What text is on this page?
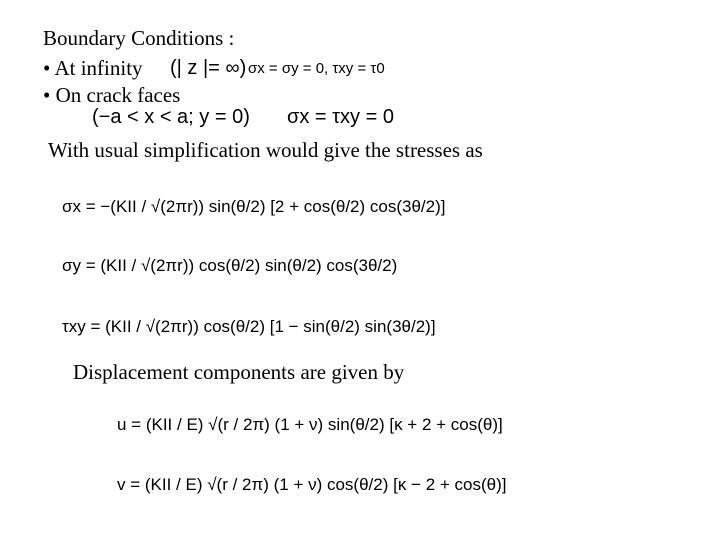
Boundary Conditions :
• At infinity (| z |= ∞) σx = σy = 0, τxy = τ0
• On crack faces
(−a < x < a; y = 0) σx = τxy = 0
With usual simplification would give the stresses as
σx = −(KII / √(2πr)) sin(θ/2) [2 + cos(θ/2) cos(3θ/2)]
σy = (KII / √(2πr)) cos(θ/2) sin(θ/2) cos(3θ/2)
τxy = (KII / √(2πr)) cos(θ/2) [1 − sin(θ/2) sin(3θ/2)]
Displacement components are given by
u = (KII / E) √(r / 2π) (1 + ν) sin(θ/2) [κ + 2 + cos(θ)]
v = (KII / E) √(r / 2π) (1 + ν) cos(θ/2) [κ − 2 + cos(θ)]
